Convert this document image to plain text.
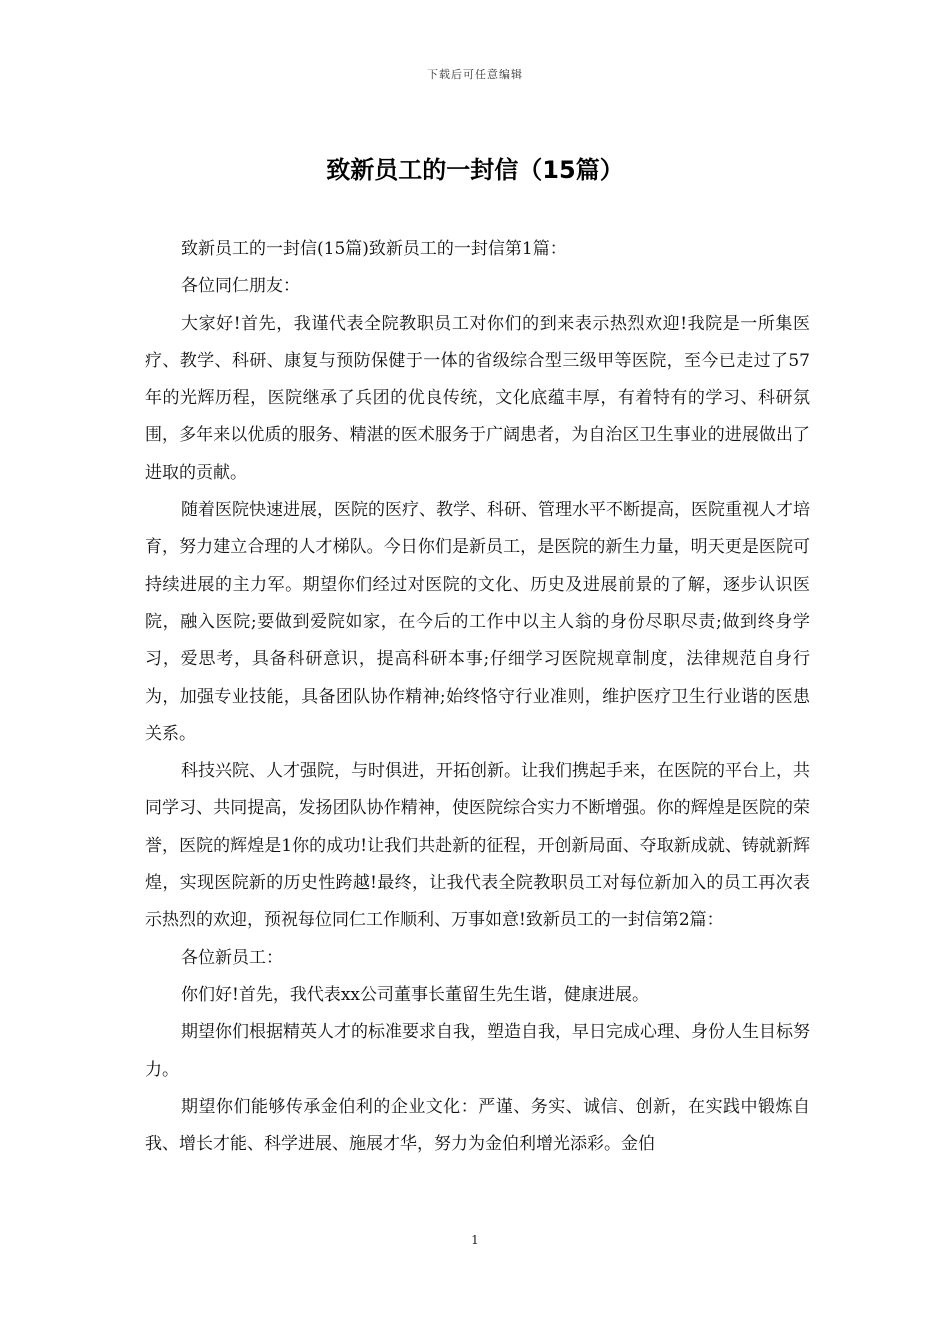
下载后可任意编辑
致新员工的一封信（15篇）

致新员工的一封信(15篇)致新员工的一封信第1篇：

各位同仁朋友：

大家好!首先，我谨代表全院教职员工对你们的到来表示热烈欢迎!我院是一所集医疗、教学、科研、康复与预防保健于一体的省级综合型三级甲等医院，至今已走过了57年的光辉历程，医院继承了兵团的优良传统，文化底蕴丰厚，有着特有的学习、科研氛围，多年来以优质的服务、精湛的医术服务于广阔患者，为自治区卫生事业的进展做出了进取的贡献。

随着医院快速进展，医院的医疗、教学、科研、管理水平不断提高，医院重视人才培育，努力建立合理的人才梯队。今日你们是新员工，是医院的新生力量，明天更是医院可持续进展的主力军。期望你们经过对医院的文化、历史及进展前景的了解，逐步认识医院，融入医院;要做到爱院如家，在今后的工作中以主人翁的身份尽职尽责;做到终身学习，爱思考，具备科研意识，提高科研本事;仔细学习医院规章制度，法律规范自身行为，加强专业技能，具备团队协作精神;始终恪守行业准则，维护医疗卫生行业谐的医患关系。

科技兴院、人才强院，与时俱进，开拓创新。让我们携起手来，在医院的平台上，共同学习、共同提高，发扬团队协作精神，使医院综合实力不断增强。你的辉煌是医院的荣誉，医院的辉煌是1你的成功!让我们共赴新的征程，开创新局面、夺取新成就、铸就新辉煌，实现医院新的历史性跨越!最终，让我代表全院教职员工对每位新加入的员工再次表示热烈的欢迎，预祝每位同仁工作顺利、万事如意!致新员工的一封信第2篇：

各位新员工：

你们好!首先，我代表xx公司董事长董留生先生谐，健康进展。

期望你们根据精英人才的标准要求自我，塑造自我，早日完成心理、身份人生目标努力。

期望你们能够传承金伯利的企业文化：严谨、务实、诚信、创新，在实践中锻炼自我、增长才能、科学进展、施展才华，努力为金伯利增光添彩。金伯

1
